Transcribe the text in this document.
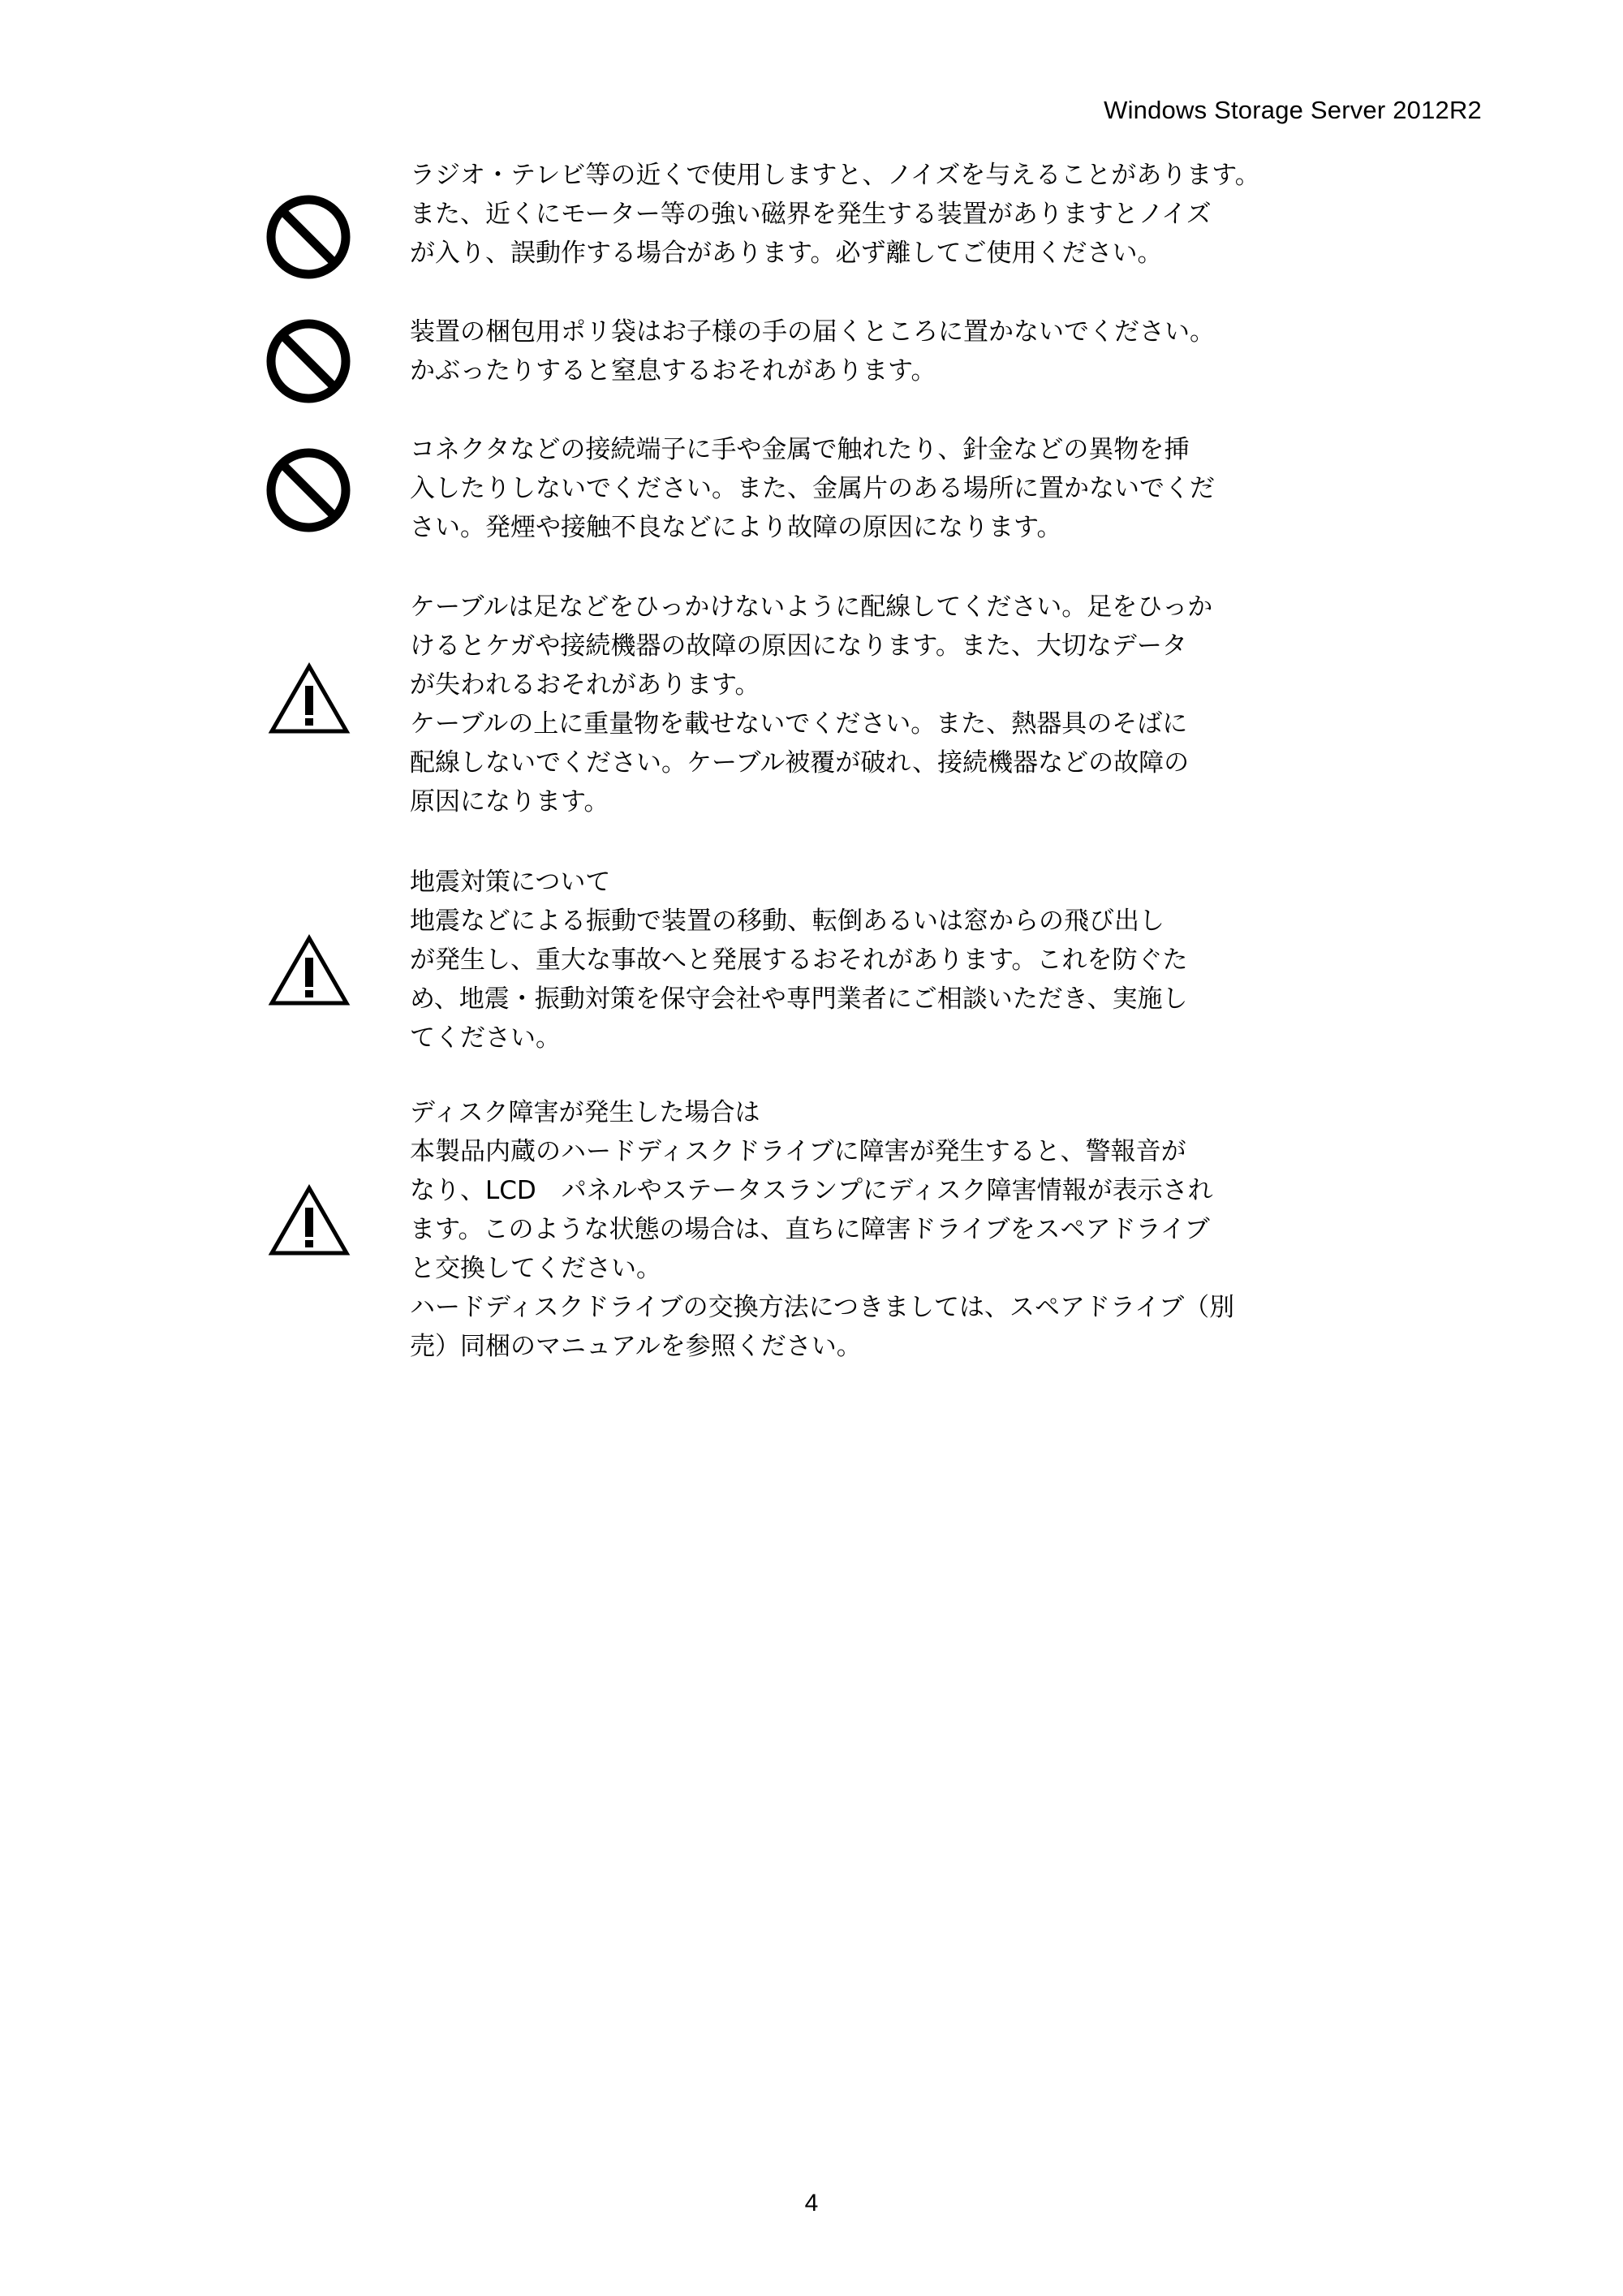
Windows Storage Server 2012R2
ラジオ・テレビ等の近くで使用しますと、ノイズを与えることがあります。
また、近くにモーター等の強い磁界を発生する装置がありますとノイズ
が入り、誤動作する場合があります。必ず離してご使用ください。
装置の梱包用ポリ袋はお子様の手の届くところに置かないでください。
かぶったりすると窒息するおそれがあります。
コネクタなどの接続端子に手や金属で触れたり、針金などの異物を挿
入したりしないでください。また、金属片のある場所に置かないでくだ
さい。発煙や接触不良などにより故障の原因になります。
ケーブルは足などをひっかけないように配線してください。足をひっか
けるとケガや接続機器の故障の原因になります。また、大切なデータ
が失われるおそれがあります。
ケーブルの上に重量物を載せないでください。また、熱器具のそばに
配線しないでください。ケーブル被覆が破れ、接続機器などの故障の
原因になります。
地震対策について
地震などによる振動で装置の移動、転倒あるいは窓からの飛び出し
が発生し、重大な事故へと発展するおそれがあります。これを防ぐた
め、地震・振動対策を保守会社や専門業者にご相談いただき、実施し
てください。
ディスク障害が発生した場合は
本製品内蔵のハードディスクドライブに障害が発生すると、警報音が
なり、LCD　パネルやステータスランプにディスク障害情報が表示され
ます。このような状態の場合は、直ちに障害ドライブをスペアドライブ
と交換してください。
ハードディスクドライブの交換方法につきましては、スペアドライブ（別
売）同梱のマニュアルを参照ください。
4
